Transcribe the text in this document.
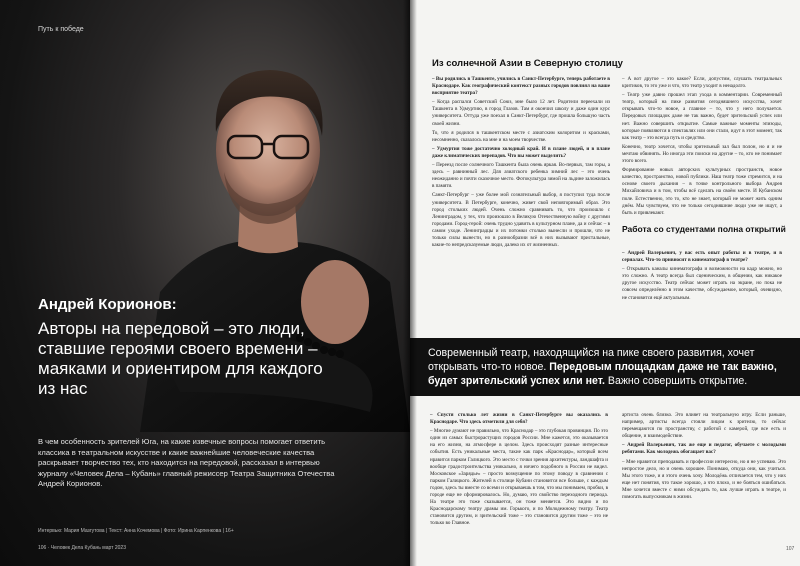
Путь к победе
Андрей Корионов:
Авторы на передовой – это люди, ставшие героями своего времени – маяками и ориентиром для каждого из нас
В чем особенность зрителей Юга, на какие извечные вопросы помогает ответить классика в театральном искусстве и какие важнейшие человеческие качества раскрывает творчество тех, кто находится на передовой, рассказал в интервью журналу «Человек Дела – Кубань» главный режиссер Театра Защитника Отечества Андрей Корионов.
Интервью: Мария Мазгутова | Текст: Анна Кочемова | Фото: Ирина Карпенкова | 16+
106 · Человек Дела Кубань март 2023
Из солнечной Азии в Северную столицу

– Вы родились в Ташкенте, учились в Санкт-Петербурге, теперь работаете в Краснодаре. Как географический контекст разных городов повлиял на ваше восприятие театра?

– Когда распался Советский Союз, мне было 12 лет. Родители переехали из Ташкента в Удмуртию, в город Глазов. Там я окончил школу и даже один курс университета. Оттуда уже поехал в Санкт-Петербург, где прошла большую часть своей жизни.

То, что я родился в ташкентском месте с азиатским колоритом и красками, несомненно, сказалось на мне и на моем творчестве.

– Удмуртия тоже достаточно холодный край. И в плане людей, и в плане даже климатических перепадов. Что вы может выделить?

– Переезд после солнечного Ташкента была очень яркая. Во-первых, там горы, а здесь – равнинный лес. Для азиатского ребенка зимний лес – это очень неожиданно и почти сказочное место. Фотокультура зимой на льдине заложилась в памяти.

Санкт-Петербург – уже более мой сознательный выбор, я поступил туда после университета. В Петербурге, конечно, живет свой неповторимый образ. Это город стольких людей. Очень сложно сравнивать то, что произошло с Ленинградом, у тех, что произошло в Великую Отечественную войну с другими городами. Город-герой: очень трудно удавить в культурном плане, да и сейчас – в самом уходе. Ленинградцы и их потомки столько вынесли и прошли, что не только силы вынести, но в разнообразии всё в них вызывают пристальные, какие-то непредсказуемые люди, далеко их от жизненных.

– А вот другое – это какое? Если, допустим, слушать театральных критиков, то это уже и что, что театр уходит в ненадолго.

– Театр уже давно прошел этап ухода в комментарии. Современный театр, который на пике развития сегодняшнего искусства, хочет открывать что-то новое, а главное – то, что у него получается. Передовых площадок даже не так важно, будет зрительский успех или нет. Важно совершить открытие. Самые важные моменты эпизоды, которые появляются в спектаклях или они стали, идут в этот момент, так как театр – это всегда путь и средство.

Конечно, театр хочется, чтобы зрительный зал был полон, но я и не мечтаю обвинять. Но иногда эти поиски на другие – то, кто не понимает этого всего.

Формирование новых авторских культурных пространств, новое качество, пространство, новой публики. Наш театр тоже стремится, и на основе своего дыхания – в точке контрольного выбора Андрея Михайловича и в том, чтобы всё сделать на своём месте. И Кубанском поле. Естественно, это то, кто не знает, который не может жить одним днём. Мы чувствуем, что не только сегодняшние люди уже не ищут, а быть и привлекают.

Работа со студентами полна открытий

– Андрей Валерьевич, у вас есть опыт работы и в театре, и в сериалах. Что-то привносит в кинематограф в театре?

– Открывать каналы кинематографа и возможности на кадр можно, но это сложно. А театр всегда был сценическим, в общении, как никакое другое искусство. Театр сейчас может играть на экране, но пока не совсем определённо в этом качестве, обсуждаемое, который, очевидно, не становится ещё актуальным.

– Спустя столько лет жизни в Санкт-Петербурге вы оказались в Краснодаре. Что здесь отметили для себя?

– Многие думают не правильно, что Краснодар – это глубокая провинция. По это один из самых быстрорастущих городов России. Мне кажется, это оказывается на его жизни, на атмосфере в целом. Здесь происходят разные интересные события. Есть уникальные места, такие как парк «Краснодар», который всем нравится парком Галицкого. Это место с точки зрения архитектуры, ландшафта и вообще градостроительства уникально, я ничего подобного в России не видел. Московское «Зарядье» – просто возмущение по этому поводу в сравнении с парком Галицкого. Жителей в столице Кубани становится все больше, с каждым годом, здесь ты вместе со всеми и открываешь в том, что мы понимаем, пробки, в городе еще не сформировалось. Но, думаю, это свойство переходного периода. На театре это тоже сказывается, он тоже меняется. Это видно и по Краснодарскому театру драмы им. Горького, и по Молодежному театру. Театр становится другим, и зрительский тоже – это становится другим тоже – это не только во Главное.

артиста очень близко. Это влияет на театральную игру. Если раньше, например, артисты всегда стояли лицом к зрителю, то сейчас перемещаются по пространству, с работой с камерой, где все есть и общение, и взаимодействие.

– Андрей Валерьевич, так же еще и педагог, обучаете с молодыми ребятами. Как молодежь обогащает вас?

– Мне нравится преподавать и профессии интересно, но я не успеваю. Это непростое дело, но и очень хорошее. Понимаю, откуда они, как учиться. Мы этого тоже, и я этого очень хочу. Молодёжь отличается тем, что у них еще нет понятия, что такое хорошо, а что плохо, и не бояться ошибаться. Мне хочется вместе с ними обсуждать то, как лучше играть в театре, и помогать выпускникам в жизни.

107
Современный театр, находящийся на пике своего развития, хочет открывать что-то новое. Передовым площадкам даже не так важно, будет зрительский успех или нет. Важно совершить открытие.
